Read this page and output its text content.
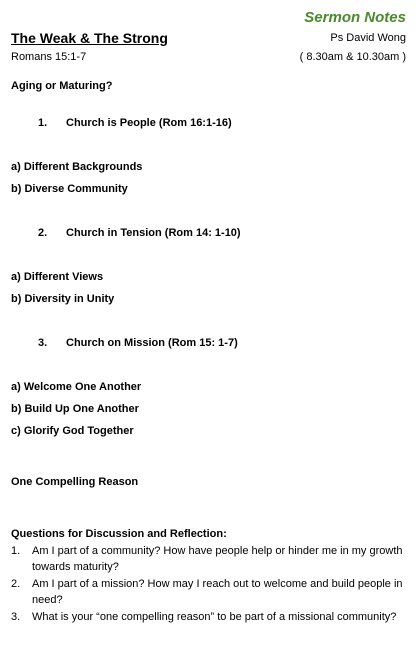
Sermon Notes
The Weak & The Strong
Romans 15:1-7
Ps David Wong
( 8.30am & 10.30am )
Aging or Maturing?
1. Church is People (Rom 16:1-16)
a) Different Backgrounds
b) Diverse Community
2. Church in Tension (Rom 14: 1-10)
a) Different Views
b) Diversity in Unity
3. Church on Mission (Rom 15: 1-7)
a) Welcome One Another
b) Build Up One Another
c) Glorify God Together
One Compelling Reason
Questions for Discussion and Reflection:
1.	Am I part of a community? How have people help or hinder me in my growth towards maturity?
2.	Am I part of a mission? How may I reach out to welcome and build people in need?
3.	What is your “one compelling reason” to be part of a missional community?
